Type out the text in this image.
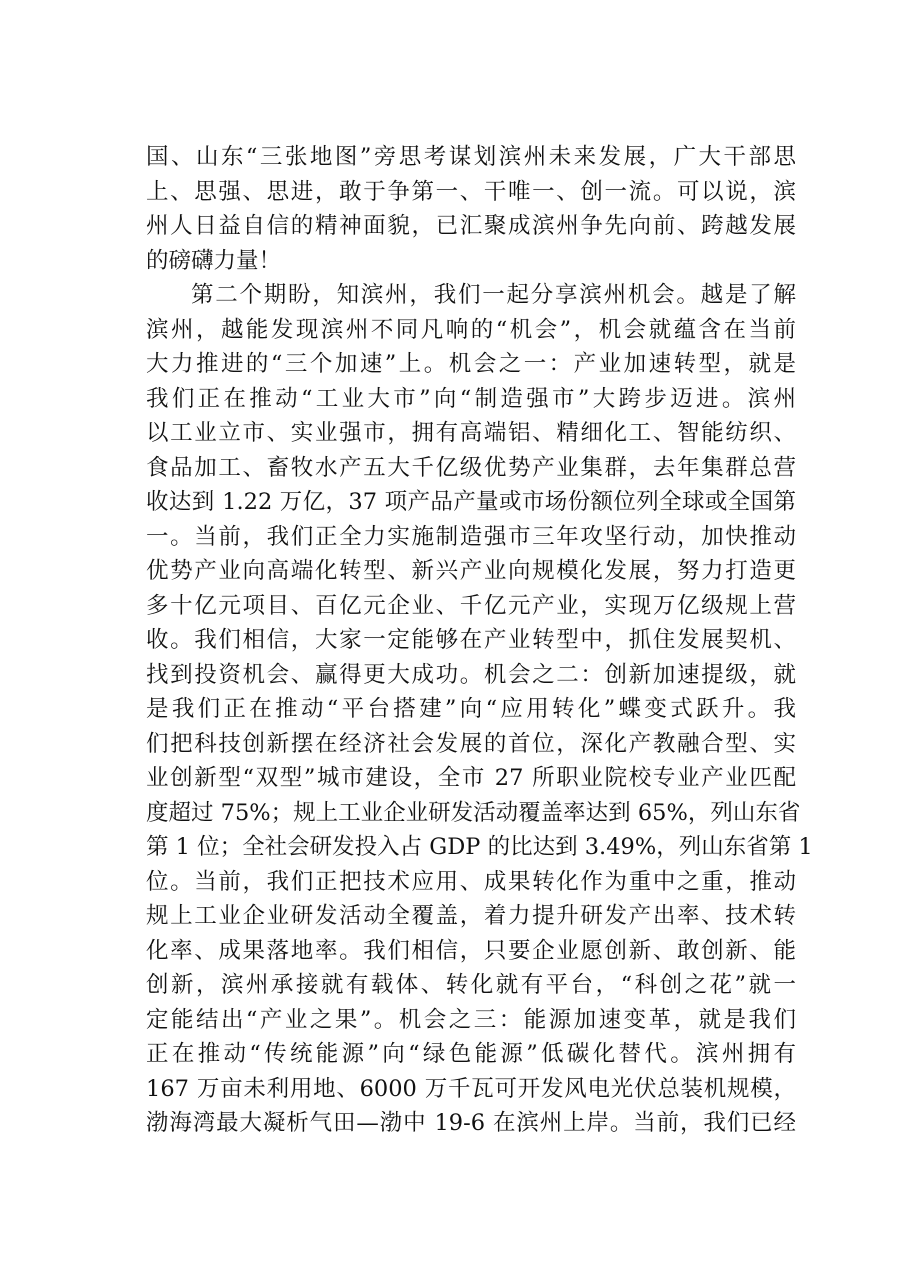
国、山东“三张地图”旁思考谋划滨州未来发展，广大干部思
上、思强、思进，敢于争第一、干唯一、创一流。可以说，滨
州人日益自信的精神面貌，已汇聚成滨州争先向前、跨越发展
的磅礴力量！
第二个期盼，知滨州，我们一起分享滨州机会。越是了解
滨州，越能发现滨州不同凡响的“机会”，机会就蕴含在当前
大力推进的“三个加速”上。机会之一：产业加速转型，就是
我们正在推动“工业大市”向“制造强市”大跨步迈进。滨州
以工业立市、实业强市，拥有高端铝、精细化工、智能纺织、
食品加工、畜牧水产五大千亿级优势产业集群，去年集群总营
收达到 1.22 万亿，37 项产品产量或市场份额位列全球或全国第
一。当前，我们正全力实施制造强市三年攻坚行动，加快推动
优势产业向高端化转型、新兴产业向规模化发展，努力打造更
多十亿元项目、百亿元企业、千亿元产业，实现万亿级规上营
收。我们相信，大家一定能够在产业转型中，抓住发展契机、
找到投资机会、赢得更大成功。机会之二：创新加速提级，就
是我们正在推动“平台搭建”向“应用转化”蝶变式跃升。我
们把科技创新摆在经济社会发展的首位，深化产教融合型、实
业创新型“双型”城市建设，全市 27 所职业院校专业产业匹配
度超过 75%；规上工业企业研发活动覆盖率达到 65%，列山东省
第 1 位；全社会研发投入占 GDP 的比达到 3.49%，列山东省第 1
位。当前，我们正把技术应用、成果转化作为重中之重，推动
规上工业企业研发活动全覆盖，着力提升研发产出率、技术转
化率、成果落地率。我们相信，只要企业愿创新、敢创新、能
创新，滨州承接就有载体、转化就有平台，“科创之花”就一
定能结出“产业之果”。机会之三：能源加速变革，就是我们
正在推动“传统能源”向“绿色能源”低碳化替代。滨州拥有
167 万亩未利用地、6000 万千瓦可开发风电光伏总装机规模，
渤海湾最大凝析气田—渤中 19-6 在滨州上岸。当前，我们已经
